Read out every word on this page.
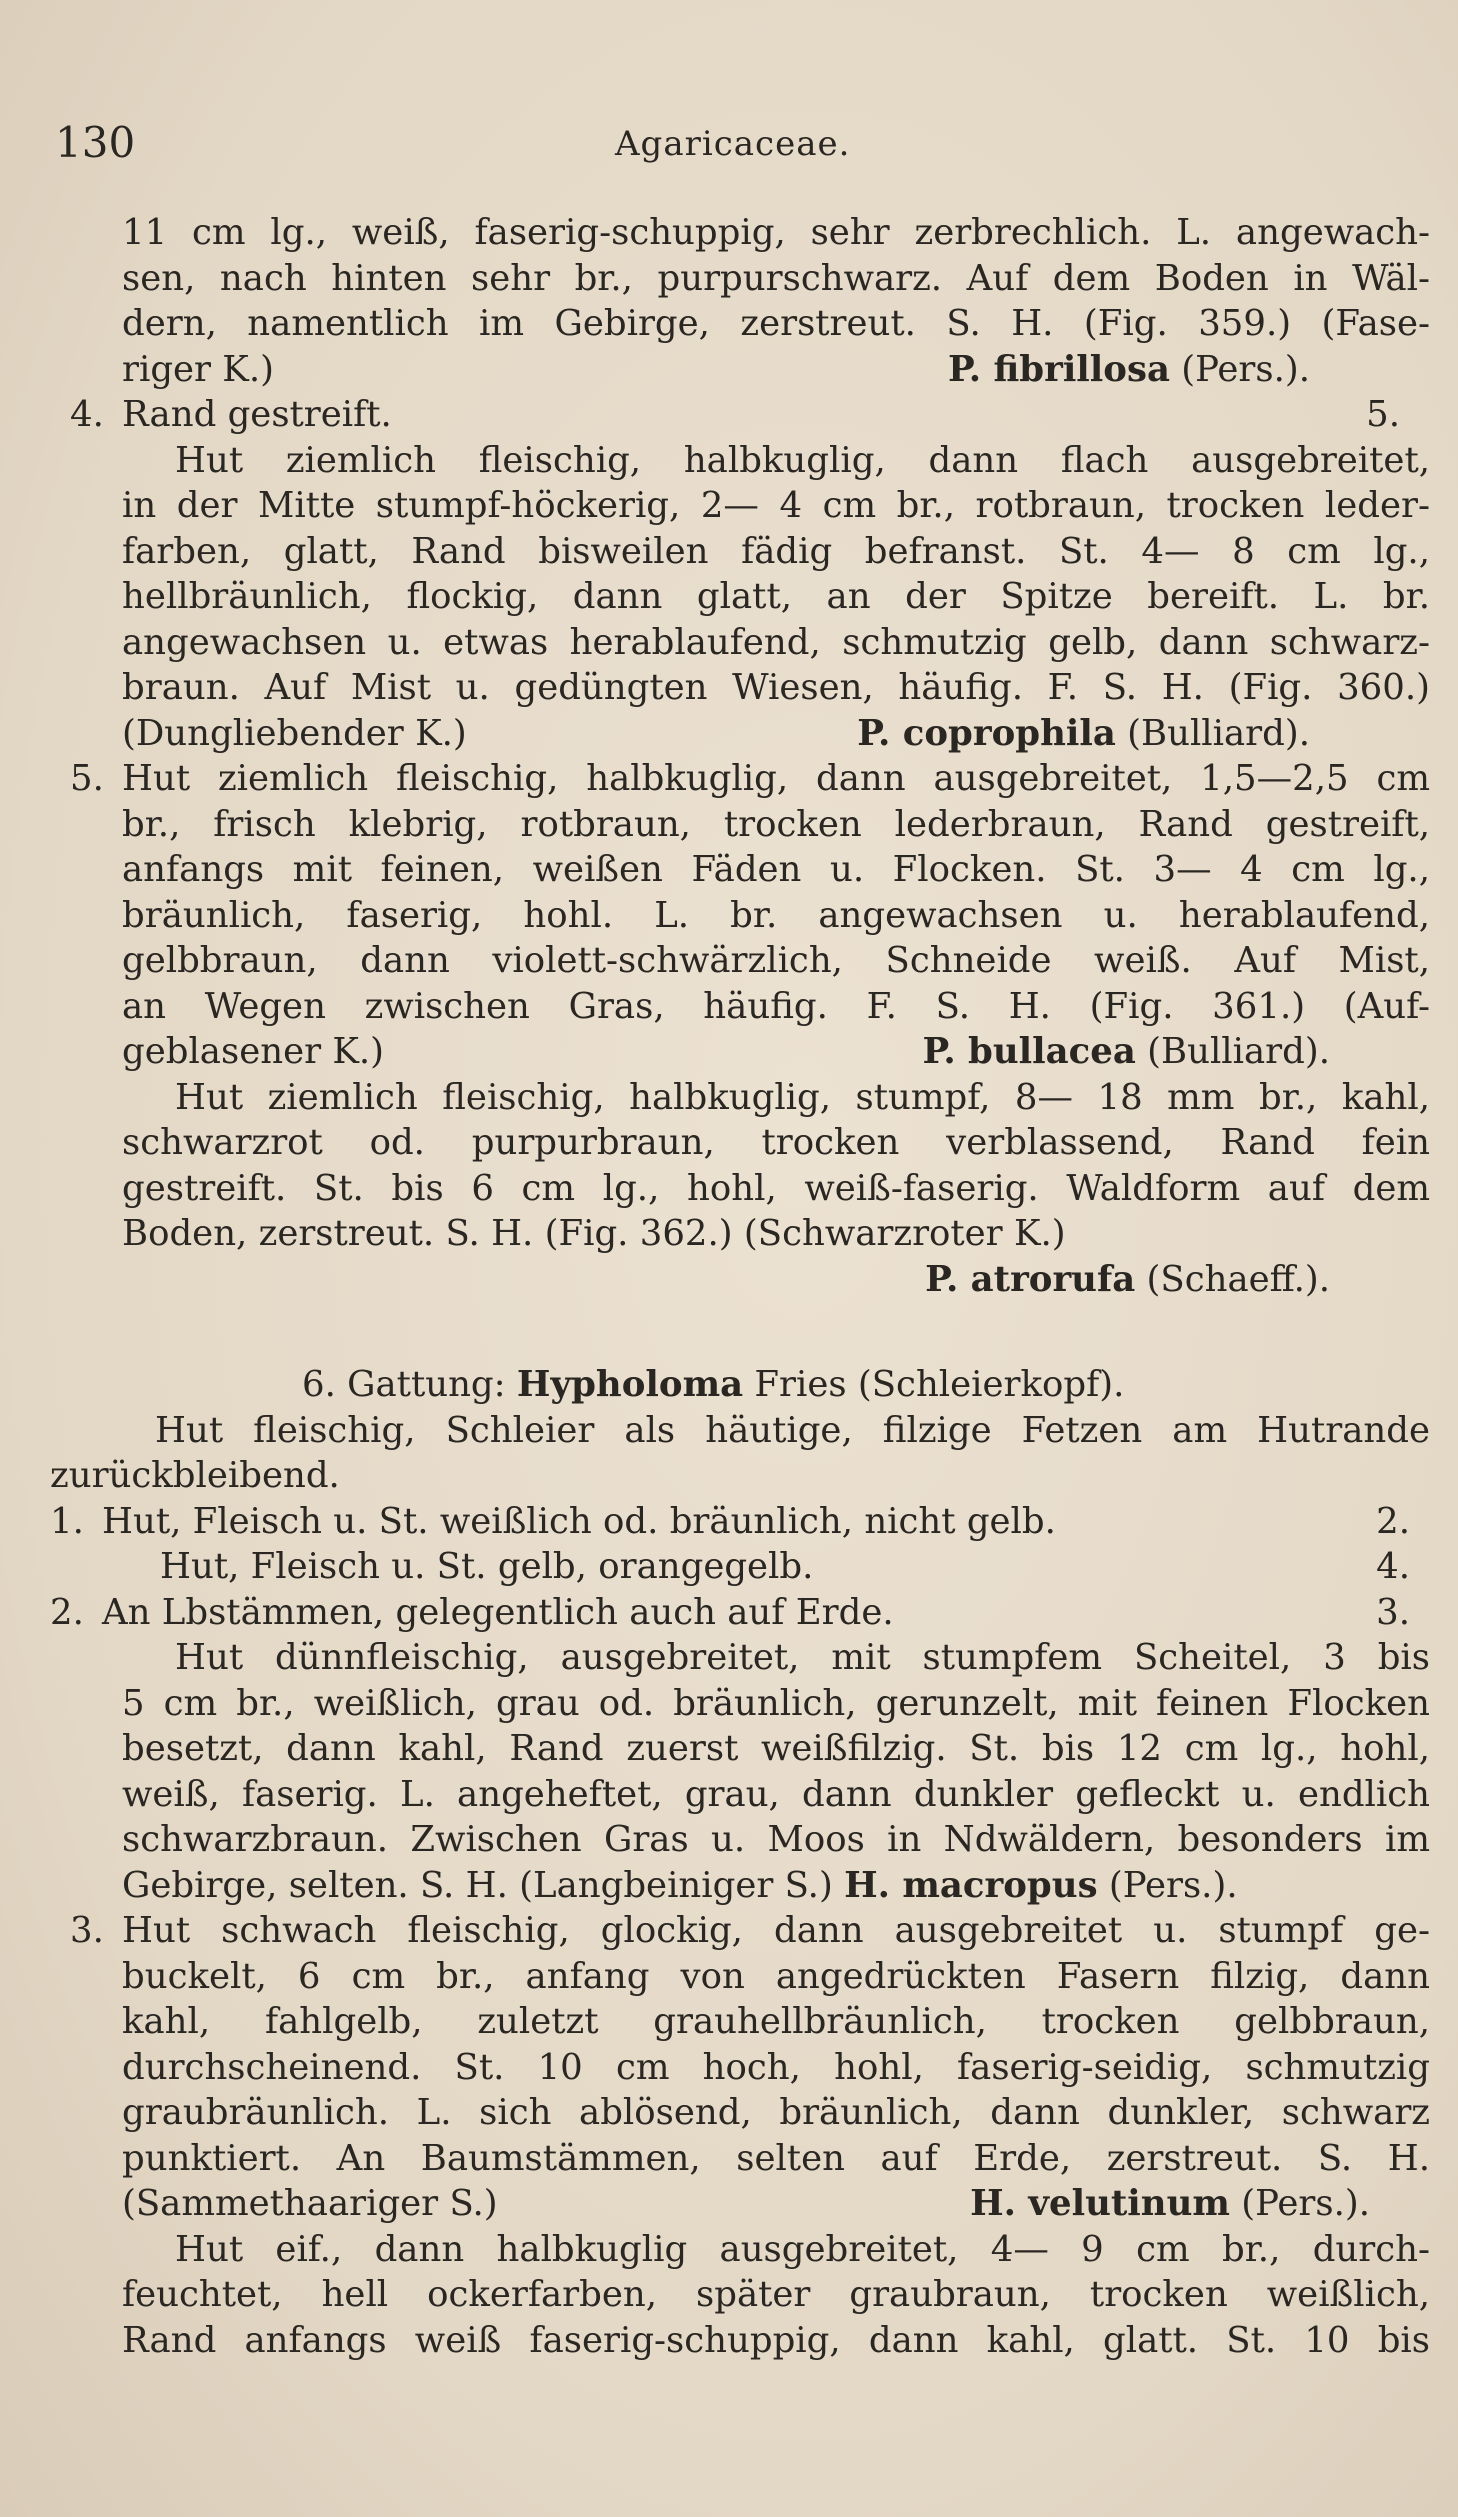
130	Agaricaceae.
11 cm lg., weiß, faserig-schuppig, sehr zerbrechlich. L. angewach-
sen, nach hinten sehr br., purpurschwarz. Auf dem Boden in Wäl-
dern, namentlich im Gebirge, zerstreut. S. H. (Fig. 359.) (Fase-
riger K.)	P. fibrillosa (Pers.).
4. Rand gestreift.	5.
Hut ziemlich fleischig, halbkuglig, dann flach ausgebreitet,
in der Mitte stumpf-höckerig, 2— 4 cm br., rotbraun, trocken leder-
farben, glatt, Rand bisweilen fädig befranst. St. 4— 8 cm lg.,
hellbräunlich, flockig, dann glatt, an der Spitze bereift. L. br.
angewachsen u. etwas herablaufend, schmutzig gelb, dann schwarz-
braun. Auf Mist u. gedüngten Wiesen, häufig. F. S. H. (Fig. 360.)
(Dungliebender K.)	P. coprophila (Bulliard).
5. Hut ziemlich fleischig, halbkuglig, dann ausgebreitet, 1,5—2,5 cm
br., frisch klebrig, rotbraun, trocken lederbraun, Rand gestreift,
anfangs mit feinen, weißen Fäden u. Flocken. St. 3— 4 cm lg.,
bräunlich, faserig, hohl. L. br. angewachsen u. herablaufend,
gelbbraun, dann violett-schwärzlich, Schneide weiß. Auf Mist,
an Wegen zwischen Gras, häufig. F. S. H. (Fig. 361.) (Auf-
geblasener K.)	P. bullacea (Bulliard).
Hut ziemlich fleischig, halbkuglig, stumpf, 8— 18 mm br., kahl,
schwarzrot od. purpurbraun, trocken verblassend, Rand fein
gestreift. St. bis 6 cm lg., hohl, weiß-faserig. Waldform auf dem
Boden, zerstreut. S. H. (Fig. 362.) (Schwarzroter K.)
P. atrorufa (Schaeff.).
6. Gattung: Hypholoma Fries (Schleierkopf).
Hut fleischig, Schleier als häutige, filzige Fetzen am Hutrande
zurückbleibend.
1. Hut, Fleisch u. St. weißlich od. bräunlich, nicht gelb.	2.
Hut, Fleisch u. St. gelb, orangegelb.	4.
2. An Lbstämmen, gelegentlich auch auf Erde.	3.
Hut dünnfleischig, ausgebreitet, mit stumpfem Scheitel, 3 bis
5 cm br., weißlich, grau od. bräunlich, gerunzelt, mit feinen Flocken
besetzt, dann kahl, Rand zuerst weißfilzig. St. bis 12 cm lg., hohl,
weiß, faserig. L. angeheftet, grau, dann dunkler gefleckt u. endlich
schwarzbraun. Zwischen Gras u. Moos in Ndwäldern, besonders im
Gebirge, selten. S. H. (Langbeiniger S.) H. macropus (Pers.).
3. Hut schwach fleischig, glockig, dann ausgebreitet u. stumpf ge-
buckelt, 6 cm br., anfang von angedrückten Fasern filzig, dann
kahl, fahlgelb, zuletzt grauhellbräunlich, trocken gelbbraun,
durchscheinend. St. 10 cm hoch, hohl, faserig-seidig, schmutzig
graubräunlich. L. sich ablösend, bräunlich, dann dunkler, schwarz
punktiert. An Baumstämmen, selten auf Erde, zerstreut. S. H.
(Sammethaariger S.)	H. velutinum (Pers.).
Hut eif., dann halbkuglig ausgebreitet, 4— 9 cm br., durch-
feuchtet, hell ockerfarben, später graubraun, trocken weißlich,
Rand anfangs weiß faserig-schuppig, dann kahl, glatt. St. 10 bis
